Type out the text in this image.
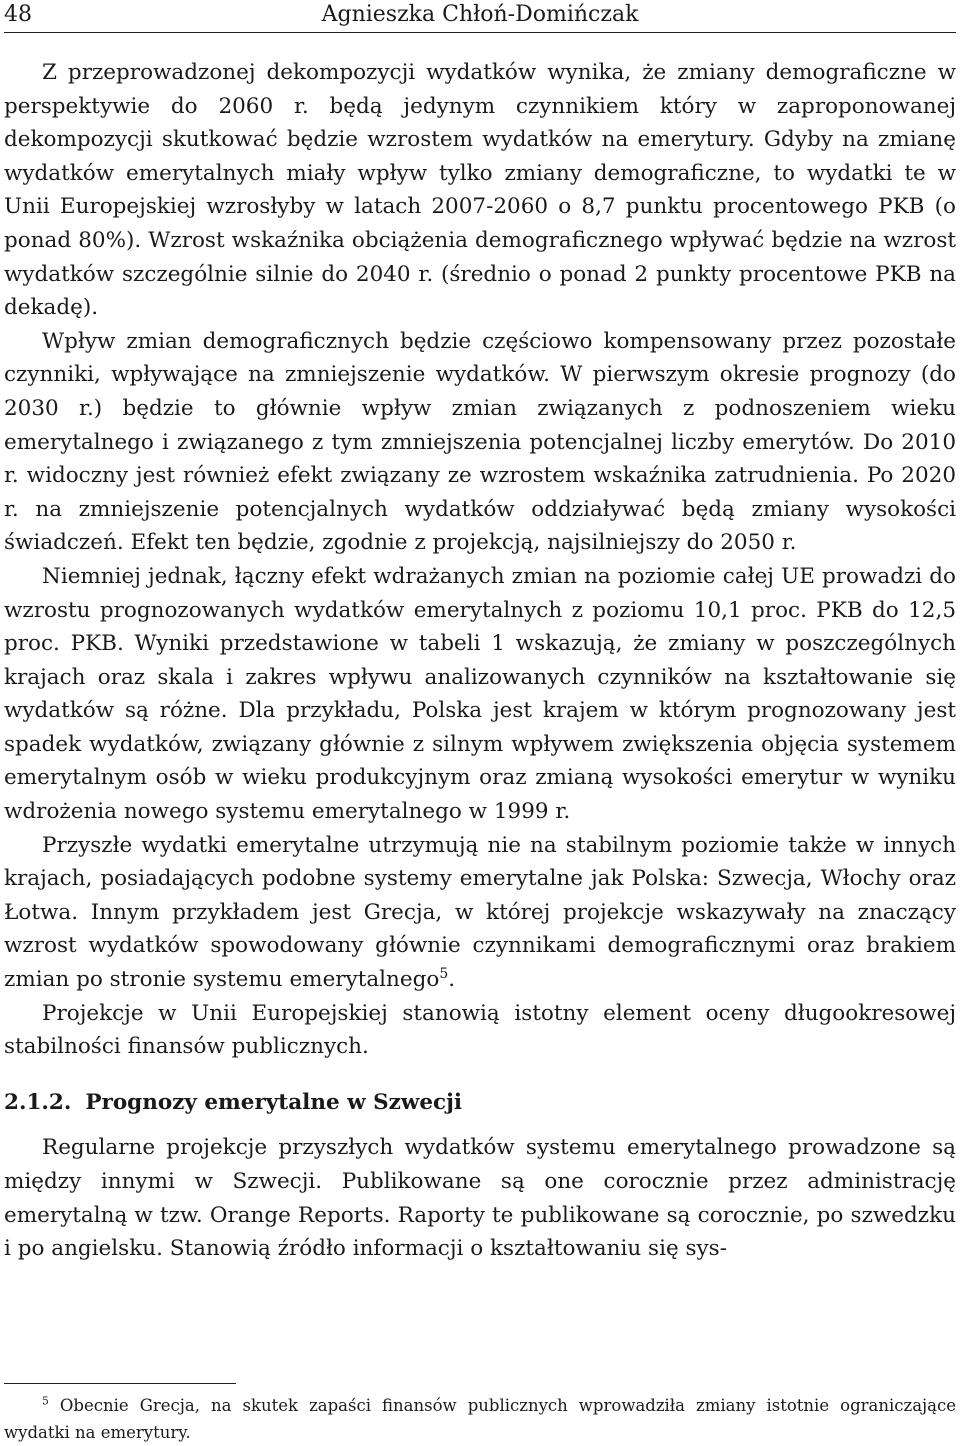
48	Agnieszka Chłoń-Domińczak

Z przeprowadzonej dekompozycji wydatków wynika, że zmiany demograficzne w perspektywie do 2060 r. będą jedynym czynnikiem który w zaproponowanej dekompozycji skutkować będzie wzrostem wydatków na emerytury. Gdyby na zmianę wydatków emerytalnych miały wpływ tylko zmiany demograficzne, to wydatki te w Unii Europejskiej wzrosłyby w latach 2007-2060 o 8,7 punktu procentowego PKB (o ponad 80%). Wzrost wskaźnika obciążenia demograficznego wpływać będzie na wzrost wydatków szczególnie silnie do 2040 r. (średnio o ponad 2 punkty procentowe PKB na dekadę).

Wpływ zmian demograficznych będzie częściowo kompensowany przez pozostałe czynniki, wpływające na zmniejszenie wydatków. W pierwszym okresie prognozy (do 2030 r.) będzie to głównie wpływ zmian związanych z podnoszeniem wieku emerytalnego i związanego z tym zmniejszenia potencjalnej liczby emerytów. Do 2010 r. widoczny jest również efekt związany ze wzrostem wskaźnika zatrudnienia. Po 2020 r. na zmniejszenie potencjalnych wydatków oddziaływać będą zmiany wysokości świadczeń. Efekt ten będzie, zgodnie z projekcją, najsilniejszy do 2050 r.

Niemniej jednak, łączny efekt wdrażanych zmian na poziomie całej UE prowadzi do wzrostu prognozowanych wydatków emerytalnych z poziomu 10,1 proc. PKB do 12,5 proc. PKB. Wyniki przedstawione w tabeli 1 wskazują, że zmiany w poszczególnych krajach oraz skala i zakres wpływu analizowanych czynników na kształtowanie się wydatków są różne. Dla przykładu, Polska jest krajem w którym prognozowany jest spadek wydatków, związany głównie z silnym wpływem zwiększenia objęcia systemem emerytalnym osób w wieku produkcyjnym oraz zmianą wysokości emerytur w wyniku wdrożenia nowego systemu emerytalnego w 1999 r.

Przyszłe wydatki emerytalne utrzymują nie na stabilnym poziomie także w innych krajach, posiadających podobne systemy emerytalne jak Polska: Szwecja, Włochy oraz Łotwa. Innym przykładem jest Grecja, w której projekcje wskazywały na znaczący wzrost wydatków spowodowany głównie czynnikami demograficznymi oraz brakiem zmian po stronie systemu emerytalnego$^5$.

Projekcje w Unii Europejskiej stanowią istotny element oceny długookresowej stabilności finansów publicznych.

2.1.2. Prognozy emerytalne w Szwecji

Regularne projekcje przyszłych wydatków systemu emerytalnego prowadzone są między innymi w Szwecji. Publikowane są one corocznie przez administrację emerytalną w tzw. Orange Reports. Raporty te publikowane są corocznie, po szwedzku i po angielsku. Stanowią źródło informacji o kształtowaniu się sys-

$^5$ Obecnie Grecja, na skutek zapaści finansów publicznych wprowadziła zmiany istotnie ograniczające wydatki na emerytury.
